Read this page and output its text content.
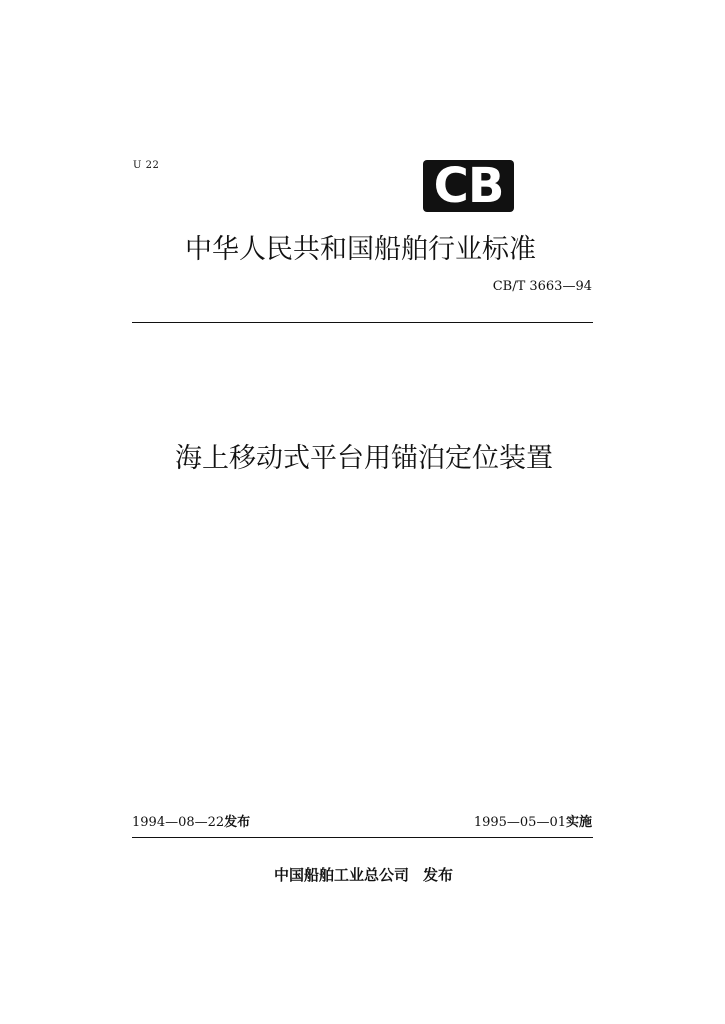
U 22	CB
中华人民共和国船舶行业标准
CB/T 3663—94
海上移动式平台用锚泊定位装置
1994—08—22发布	1995—05—01实施
中国船舶工业总公司 发布
